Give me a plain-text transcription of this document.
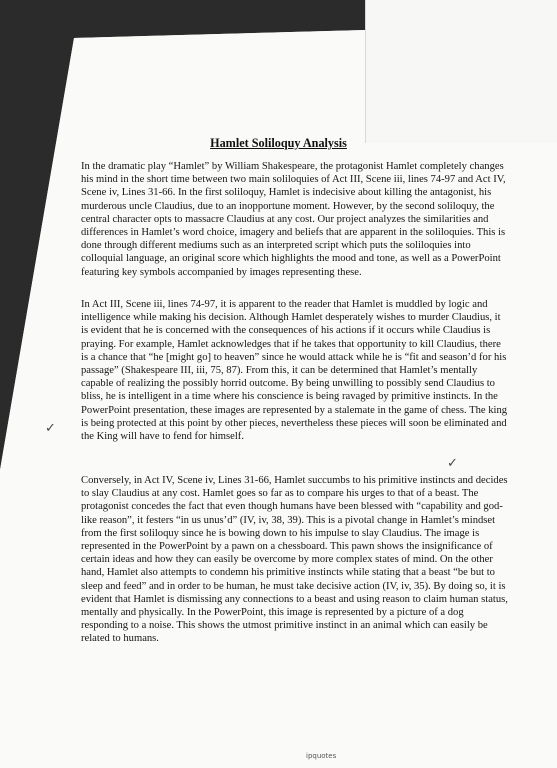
Hamlet Soliloquy Analysis

In the dramatic play “Hamlet” by William Shakespeare, the protagonist Hamlet completely changes his mind in the short time between two main soliloquies of Act III, Scene iii, lines 74-97 and Act IV, Scene iv, Lines 31-66. In the first soliloquy, Hamlet is indecisive about killing the antagonist, his murderous uncle Claudius, due to an inopportune moment. However, by the second soliloquy, the central character opts to massacre Claudius at any cost. Our project analyzes the similarities and differences in Hamlet’s word choice, imagery and beliefs that are apparent in the soliloquies. This is done through different mediums such as an interpreted script which puts the soliloquies into colloquial language, an original score which highlights the mood and tone, as well as a PowerPoint featuring key symbols accompanied by images representing these.

In Act III, Scene iii, lines 74-97, it is apparent to the reader that Hamlet is muddled by logic and intelligence while making his decision. Although Hamlet desperately wishes to murder Claudius, it is evident that he is concerned with the consequences of his actions if it occurs while Claudius is praying. For example, Hamlet acknowledges that if he takes that opportunity to kill Claudius, there is a chance that “he [might go] to heaven” since he would attack while he is “fit and season’d for his passage” (Shakespeare III, iii, 75, 87). From this, it can be determined that Hamlet’s mentally capable of realizing the possibly horrid outcome. By being unwilling to possibly send Claudius to bliss, he is intelligent in a time where his conscience is being ravaged by primitive instincts. In the PowerPoint presentation, these images are represented by a stalemate in the game of chess. The king is being protected at this point by other pieces, nevertheless these pieces will soon be eliminated and the King will have to fend for himself.

Conversely, in Act IV, Scene iv, Lines 31-66, Hamlet succumbs to his primitive instincts and decides to slay Claudius at any cost. Hamlet goes so far as to compare his urges to that of a beast. The protagonist concedes the fact that even though humans have been blessed with “capability and god-like reason”, it festers “in us unus’d” (IV, iv, 38, 39). This is a pivotal change in Hamlet’s mindset from the first soliloquy since he is bowing down to his impulse to slay Claudius. The image is represented in the PowerPoint by a pawn on a chessboard. This pawn shows the insignificance of certain ideas and how they can easily be overcome by more complex states of mind. On the other hand, Hamlet also attempts to condemn his primitive instincts while stating that a beast “be but to sleep and feed” and in order to be human, he must take decisive action (IV, iv, 35). By doing so, it is evident that Hamlet is dismissing any connections to a beast and using reason to claim human status, mentally and physically. In the PowerPoint, this image is represented by a picture of a dog responding to a noise. This shows the utmost primitive instinct in an animal which can easily be related to humans.

✓
✓
ipquotes
